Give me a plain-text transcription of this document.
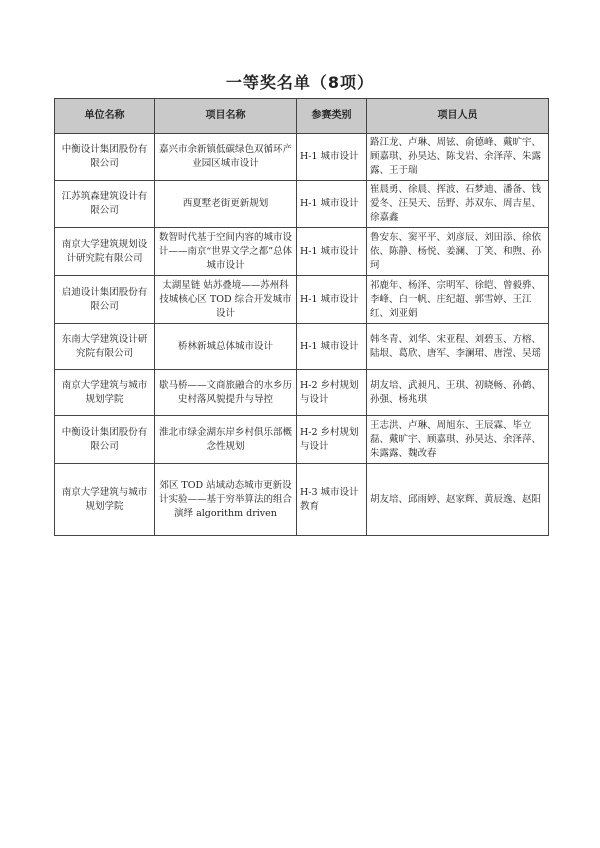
一等奖名单（8项）
单位名称	项目名称	参赛类别	项目人员
中衡设计集团股份有限公司	嘉兴市余新镇低碳绿色双循环产业园区城市设计	H-1 城市设计	路江龙、卢琳、周铉、俞德峰、戴旷宇、顾嘉琪、孙昊达、陈戈岩、余泽萍、朱露露、王于瑞
江苏筑森建筑设计有限公司	西夏墅老街更新规划	H-1 城市设计	崔晨勇、徐晨、挥波、石梦迪、潘备、钱爱冬、汪昊天、岳野、苏双东、周吉星、徐嘉鑫
南京大学建筑规划设计研究院有限公司	数智时代基于空间内容的城市设计——南京“世界文学之都”总体城市设计	H-1 城市设计	鲁安东、窦平平、刘彦辰、刘田添、徐依依、陈静、杨悦、姜澜、丁笑、和煦、孙珂
启迪设计集团股份有限公司	太湖星链 姑苏叠境——苏州科技城核心区 TOD 综合开发城市设计	H-1 城市设计	祁鹿年、杨泽、宗明军、徐皑、曾毅骅、李峰、白一帆、庄纪超、郭雪婷、王江红、刘亚娟
东南大学建筑设计研究院有限公司	桥林新城总体城市设计	H-1 城市设计	韩冬青、刘华、宋亚程、刘碧玉、方榕、陆垠、葛欣、唐军、李澜珺、唐滢、吴瑶
南京大学建筑与城市规划学院	歇马桥——文商旅融合的水乡历史村落风貌提升与导控	H-2 乡村规划与设计	胡友培、武昶凡、王琪、初晓畅、孙鹤、孙强、杨兆琪
中衡设计集团股份有限公司	淮北市绿金湖东岸乡村俱乐部概念性规划	H-2 乡村规划与设计	王志洪、卢琳、周旭东、王辰霖、毕立磊、戴旷宇、顾嘉琪、孙昊达、余泽萍、朱露露、魏改春
南京大学建筑与城市规划学院	郊区 TOD 站域动态城市更新设计实验——基于穷举算法的组合演绎 algorithm driven	H-3 城市设计教育	胡友培、邱雨婷、赵家辉、黄辰逸、赵阳
